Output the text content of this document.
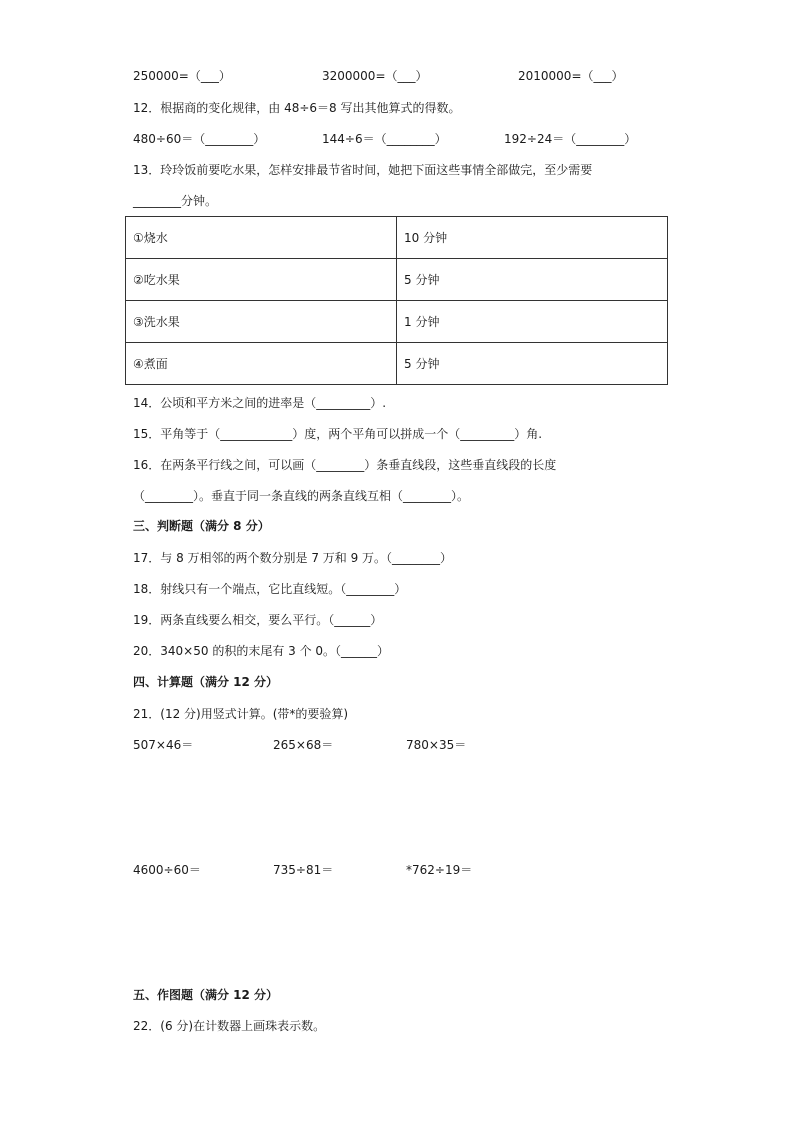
250000=（___）	3200000=（___）	2010000=（___）
12．根据商的变化规律，由 48÷6＝8 写出其他算式的得数。
480÷60＝（________）	144÷6＝（________）	192÷24＝（________）
13．玲玲饭前要吃水果，怎样安排最节省时间，她把下面这些事情全部做完，至少需要
________分钟。
①烧水	10 分钟
②吃水果	5 分钟
③洗水果	1 分钟
④煮面	5 分钟
14．公顷和平方米之间的进率是（_________）.
15．平角等于（____________）度，两个平角可以拼成一个（_________）角.
16．在两条平行线之间，可以画（________）条垂直线段，这些垂直线段的长度
（________）。垂直于同一条直线的两条直线互相（________）。
三、判断题（满分 8 分）
17．与 8 万相邻的两个数分别是 7 万和 9 万。（________）
18．射线只有一个端点，它比直线短。（________）
19．两条直线要么相交，要么平行。（______）
20．340×50 的积的末尾有 3 个 0。（______）
四、计算题（满分 12 分）
21．(12 分)用竖式计算。(带*的要验算)
507×46＝	265×68＝	780×35＝
4600÷60＝	735÷81＝	*762÷19＝
五、作图题（满分 12 分）
22．(6 分)在计数器上画珠表示数。
